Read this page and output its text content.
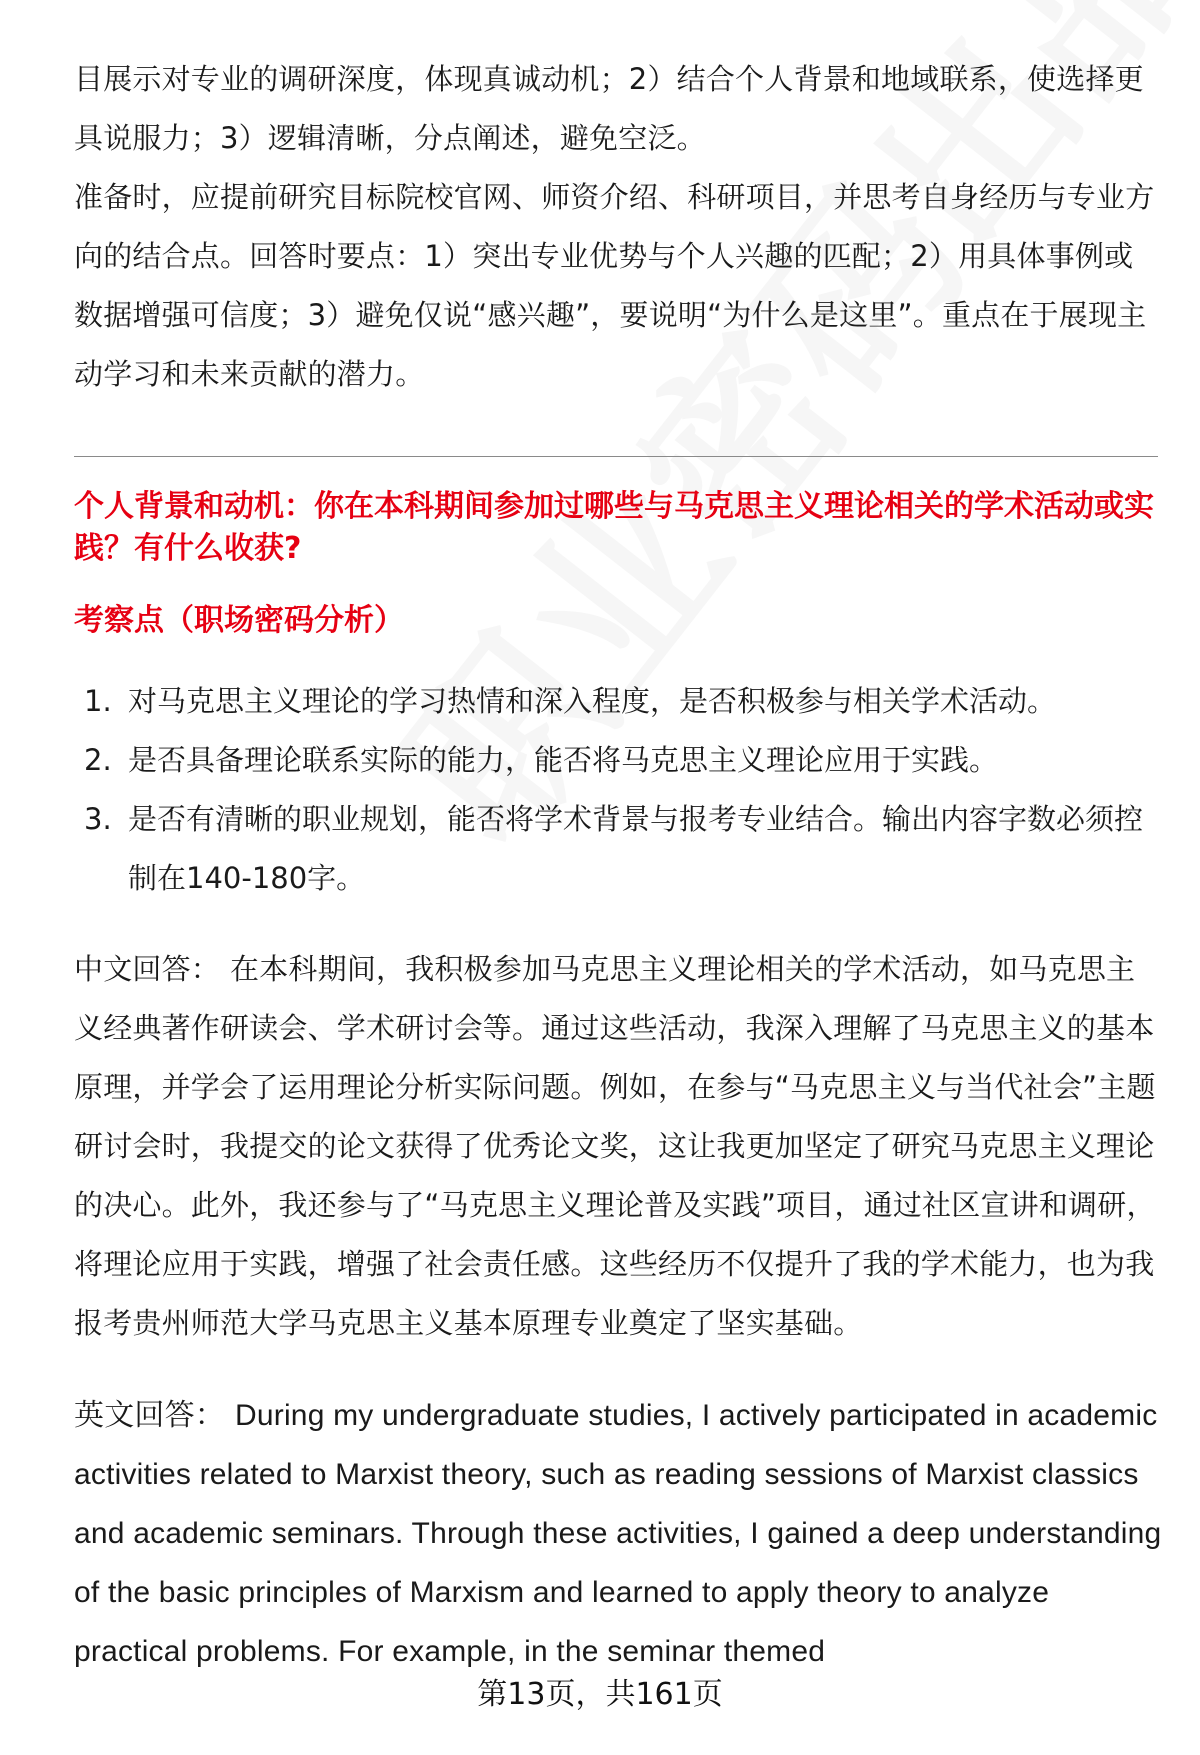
目展示对专业的调研深度，体现真诚动机；2）结合个人背景和地域联系，使选择更具说服力；3）逻辑清晰，分点阐述，避免空泛。

准备时，应提前研究目标院校官网、师资介绍、科研项目，并思考自身经历与专业方向的结合点。回答时要点：1）突出专业优势与个人兴趣的匹配；2）用具体事例或数据增强可信度；3）避免仅说“感兴趣”，要说明“为什么是这里”。重点在于展现主动学习和未来贡献的潜力。

个人背景和动机：你在本科期间参加过哪些与马克思主义理论相关的学术活动或实践？有什么收获?

考察点（职场密码分析）

1. 对马克思主义理论的学习热情和深入程度，是否积极参与相关学术活动。
2. 是否具备理论联系实际的能力，能否将马克思主义理论应用于实践。
3. 是否有清晰的职业规划，能否将学术背景与报考专业结合。输出内容字数必须控制在140-180字。

中文回答： 在本科期间，我积极参加马克思主义理论相关的学术活动，如马克思主义经典著作研读会、学术研讨会等。通过这些活动，我深入理解了马克思主义的基本原理，并学会了运用理论分析实际问题。例如，在参与“马克思主义与当代社会”主题研讨会时，我提交的论文获得了优秀论文奖，这让我更加坚定了研究马克思主义理论的决心。此外，我还参与了“马克思主义理论普及实践”项目，通过社区宣讲和调研，将理论应用于实践，增强了社会责任感。这些经历不仅提升了我的学术能力，也为我报考贵州师范大学马克思主义基本原理专业奠定了坚实基础。

英文回答： During my undergraduate studies, I actively participated in academic activities related to Marxist theory, such as reading sessions of Marxist classics and academic seminars. Through these activities, I gained a deep understanding of the basic principles of Marxism and learned to apply theory to analyze practical problems. For example, in the seminar themed

第13页，共161页
